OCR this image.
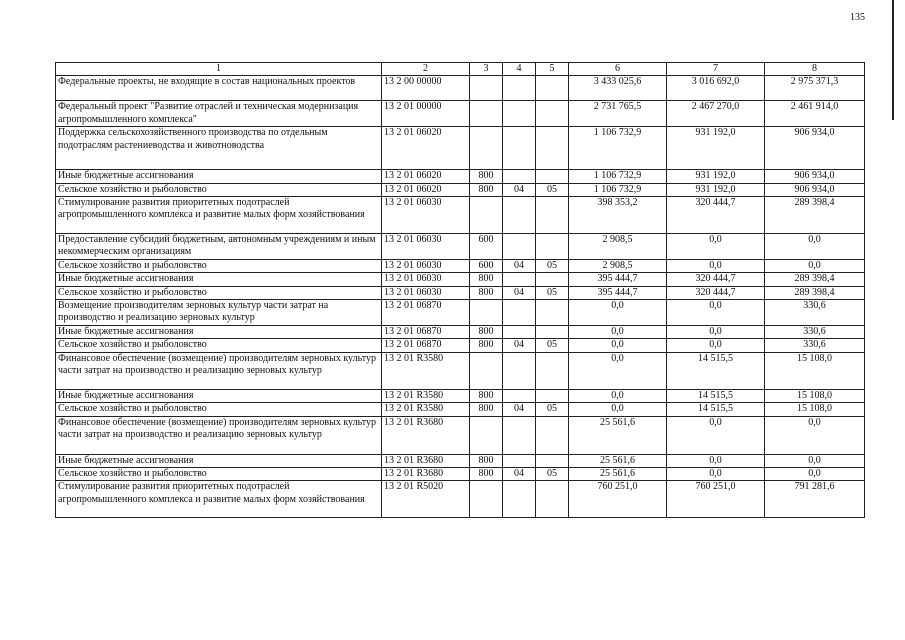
135
1	2	3	4	5	6	7	8
Федеральные проекты, не входящие в состав национальных проектов	13 2 00 00000				3 433 025,6	3 016 692,0	2 975 371,3
Федеральный проект "Развитие отраслей и техническая модернизация агропромышленного комплекса"	13 2 01 00000				2 731 765,5	2 467 270,0	2 461 914,0
Поддержка сельскохозяйственного производства по отдельным подотраслям растениеводства и животноводства	13 2 01 06020				1 106 732,9	931 192,0	906 934,0
Иные бюджетные ассигнования	13 2 01 06020	800			1 106 732,9	931 192,0	906 934,0
Сельское хозяйство и рыболовство	13 2 01 06020	800	04	05	1 106 732,9	931 192,0	906 934,0
Стимулирование развития приоритетных подотраслей агропромышленного комплекса и развитие малых форм хозяйствования	13 2 01 06030				398 353,2	320 444,7	289 398,4
Предоставление субсидий бюджетным, автономным учреждениям и иным некоммерческим организациям	13 2 01 06030	600			2 908,5	0,0	0,0
Сельское хозяйство и рыболовство	13 2 01 06030	600	04	05	2 908,5	0,0	0,0
Иные бюджетные ассигнования	13 2 01 06030	800			395 444,7	320 444,7	289 398,4
Сельское хозяйство и рыболовство	13 2 01 06030	800	04	05	395 444,7	320 444,7	289 398,4
Возмещение производителям зерновых культур части затрат на производство и реализацию зерновых культур	13 2 01 06870				0,0	0,0	330,6
Иные бюджетные ассигнования	13 2 01 06870	800			0,0	0,0	330,6
Сельское хозяйство и рыболовство	13 2 01 06870	800	04	05	0,0	0,0	330,6
Финансовое обеспечение (возмещение) производителям зерновых культур части затрат на производство и реализацию зерновых культур	13 2 01 R3580				0,0	14 515,5	15 108,0
Иные бюджетные ассигнования	13 2 01 R3580	800			0,0	14 515,5	15 108,0
Сельское хозяйство и рыболовство	13 2 01 R3580	800	04	05	0,0	14 515,5	15 108,0
Финансовое обеспечение (возмещение) производителям зерновых культур части затрат на производство и реализацию зерновых культур	13 2 01 R3680				25 561,6	0,0	0,0
Иные бюджетные ассигнования	13 2 01 R3680	800			25 561,6	0,0	0,0
Сельское хозяйство и рыболовство	13 2 01 R3680	800	04	05	25 561,6	0,0	0,0
Стимулирование развития приоритетных подотраслей агропромышленного комплекса и развитие малых форм хозяйствования	13 2 01 R5020				760 251,0	760 251,0	791 281,6
